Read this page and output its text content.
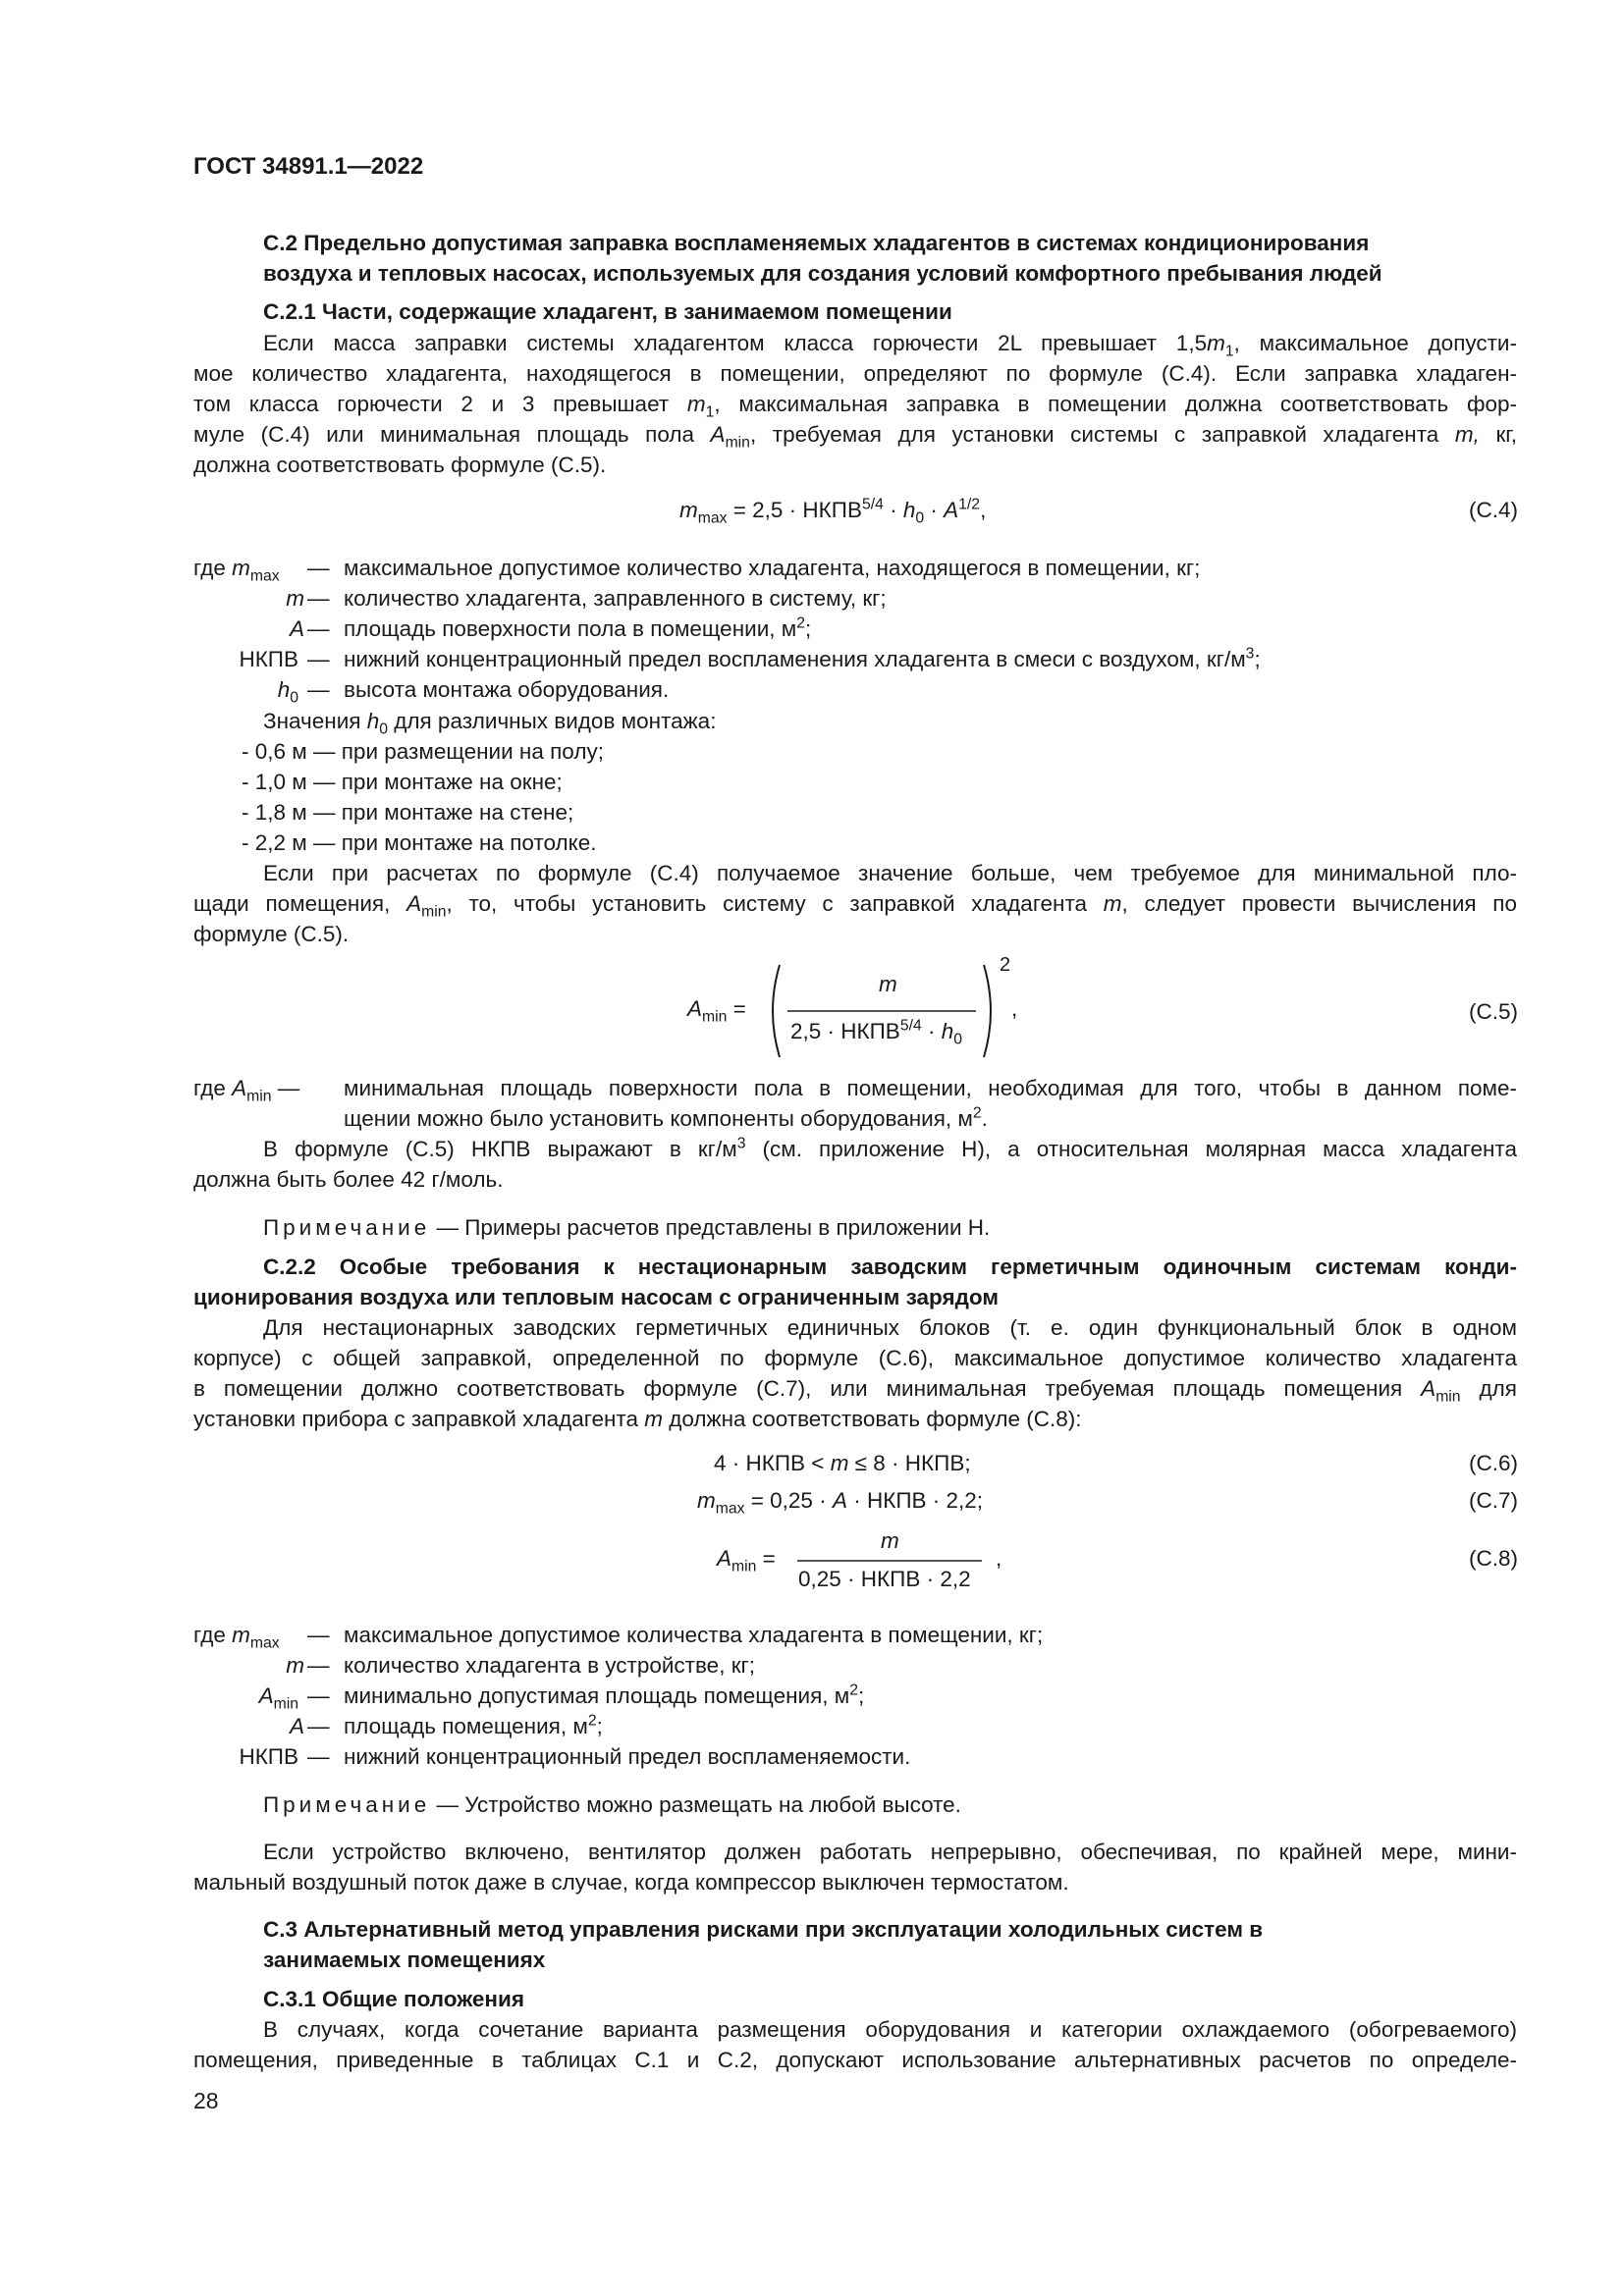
ГОСТ 34891.1—2022
С.2 Предельно допустимая заправка воспламеняемых хладагентов в системах кондиционирования
воздуха и тепловых насосах, используемых для создания условий комфортного пребывания людей
С.2.1 Части, содержащие хладагент, в занимаемом помещении
Если масса заправки системы хладагентом класса горючести 2L превышает $1,5m_1$, максимальное допусти-
мое количество хладагента, находящегося в помещении, определяют по формуле (С.4). Если заправка хладаген-
том класса горючести 2 и 3 превышает $m_1$, максимальная заправка в помещении должна соответствовать фор-
муле (С.4) или минимальная площадь пола $A_{min}$, требуемая для установки системы с заправкой хладагента m, кг,
должна соответствовать формуле (С.5).
$m_{max} = 2,5$ · $НКПВ^{5/4} \cdot h_0 \cdot A^{1/2}$,	(С.4)
где $m_{max}$ — максимальное допустимое количество хладагента, находящегося в помещении, кг;
m — количество хладагента, заправленного в систему, кг;
A — площадь поверхности пола в помещении, $м^2$;
НКПВ — нижний концентрационный предел воспламенения хладагента в смеси с воздухом, $кг/м^3$;
$h_0$ — высота монтажа оборудования.
Значения $h_0$ для различных видов монтажа:
- 0,6 м — при размещении на полу;
- 1,0 м — при монтаже на окне;
- 1,8 м — при монтаже на стене;
- 2,2 м — при монтаже на потолке.
Если при расчетах по формуле (С.4) получаемое значение больше, чем требуемое для минимальной пло-
щади помещения, $A_{min}$, то, чтобы установить систему с заправкой хладагента m, следует провести вычисления по
формуле (С.5).
$A_{min}$ =
m
$2,5 \cdot НКПВ^{5/4} \cdot h_0$
2
,	(С.5)
где $A_{min}$ — минимальная площадь поверхности пола в помещении, необходимая для того, чтобы в данном поме-
щении можно было установить компоненты оборудования, $м^2$.
В формуле (С.5) НКПВ выражают в $кг/м^3$ (см. приложение Н), а относительная молярная масса хладагента
должна быть более 42 г/моль.
Примечание — Примеры расчетов представлены в приложении Н.
С.2.2 Особые требования к нестационарным заводским герметичным одиночным системам конди-
ционирования воздуха или тепловым насосам с ограниченным зарядом
Для нестационарных заводских герметичных единичных блоков (т. е. один функциональный блок в одном
корпусе) с общей заправкой, определенной по формуле (С.6), максимальное допустимое количество хладагента
в помещении должно соответствовать формуле (С.7), или минимальная требуемая площадь помещения $A_{min}$ для
установки прибора с заправкой хладагента m должна соответствовать формуле (С.8):
4 · НКПВ < m ≤ 8 · НКПВ;	(С.6)
$m_{max} = 0,25 \cdot A$ · НКПВ · 2,2;	(С.7)
$A_{min}$ =
m
0,25 · НКПВ · 2,2
,	(С.8)
где $m_{max}$ — максимальное допустимое количества хладагента в помещении, кг;
m — количество хладагента в устройстве, кг;
$A_{min}$ — минимально допустимая площадь помещения, $м^2$;
A — площадь помещения, $м^2$;
НКПВ — нижний концентрационный предел воспламеняемости.
Примечание — Устройство можно размещать на любой высоте.
Если устройство включено, вентилятор должен работать непрерывно, обеспечивая, по крайней мере, мини-
мальный воздушный поток даже в случае, когда компрессор выключен термостатом.
С.3 Альтернативный метод управления рисками при эксплуатации холодильных систем в
занимаемых помещениях
С.3.1 Общие положения
В случаях, когда сочетание варианта размещения оборудования и категории охлаждаемого (обогреваемого)
помещения, приведенные в таблицах С.1 и С.2, допускают использование альтернативных расчетов по определе-
28
